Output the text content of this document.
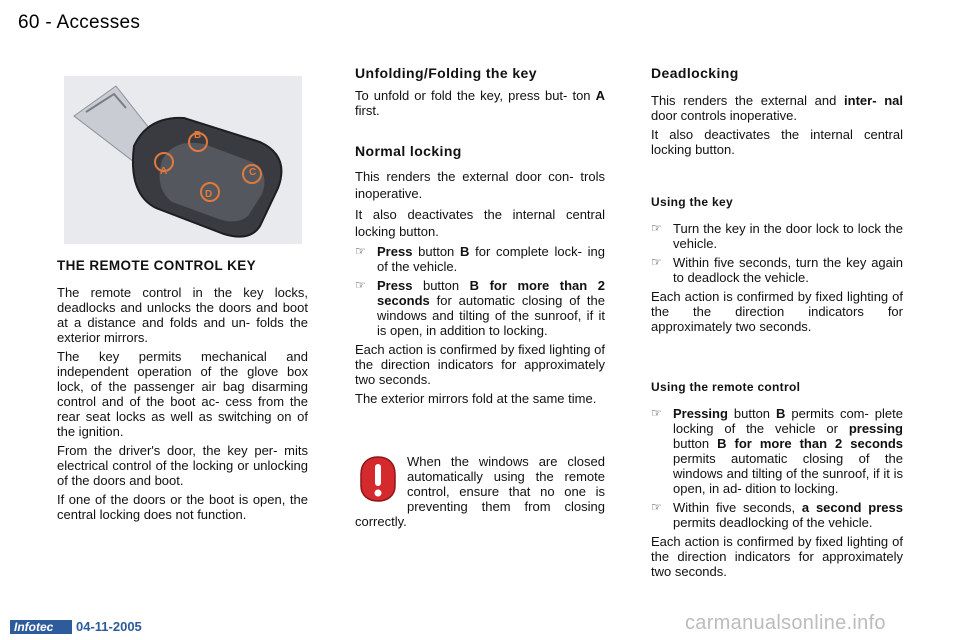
60 - Accesses
A
B
C
D

THE REMOTE CONTROL KEY

The remote control in the key locks, deadlocks and unlocks the doors and boot at a distance and folds and un- folds the exterior mirrors.

The key permits mechanical and independent operation of the glove box lock, of the passenger air bag disarming control and of the boot ac- cess from the rear seat locks as well as switching on of the ignition.

From the driver's door, the key per- mits electrical control of the locking or unlocking of the doors and boot.

If one of the doors or the boot is open, the central locking does not function.

Unfolding/Folding the key

To unfold or fold the key, press but- ton A first.

Normal locking

This renders the external door con- trols inoperative.

It also deactivates the internal central locking button.

☞ Press button B for complete lock- ing of the vehicle.

☞ Press button B for more than 2 seconds for automatic closing of the windows and tilting of the sunroof, if it is open, in addition to locking.

Each action is confirmed by fixed lighting of the direction indicators for approximately two seconds.

The exterior mirrors fold at the same time.

When the windows are closed automatically using the remote control, ensure that no one is preventing them from closing correctly.

Deadlocking

This renders the external and inter- nal door controls inoperative.

It also deactivates the internal central locking button.

Using the key

☞ Turn the key in the door lock to lock the vehicle.

☞ Within five seconds, turn the key again to deadlock the vehicle.

Each action is confirmed by fixed lighting of the the direction indicators for approximately two seconds.

Using the remote control

☞ Pressing button B permits com- plete locking of the vehicle or pressing button B for more than 2 seconds permits automatic closing of the windows and tilting of the sunroof, if it is open, in ad- dition to locking.

☞ Within five seconds, a second press permits deadlocking of the vehicle.

Each action is confirmed by fixed lighting of the direction indicators for approximately two seconds.

Infotec	04-11-2005	carmanualsonline.info
